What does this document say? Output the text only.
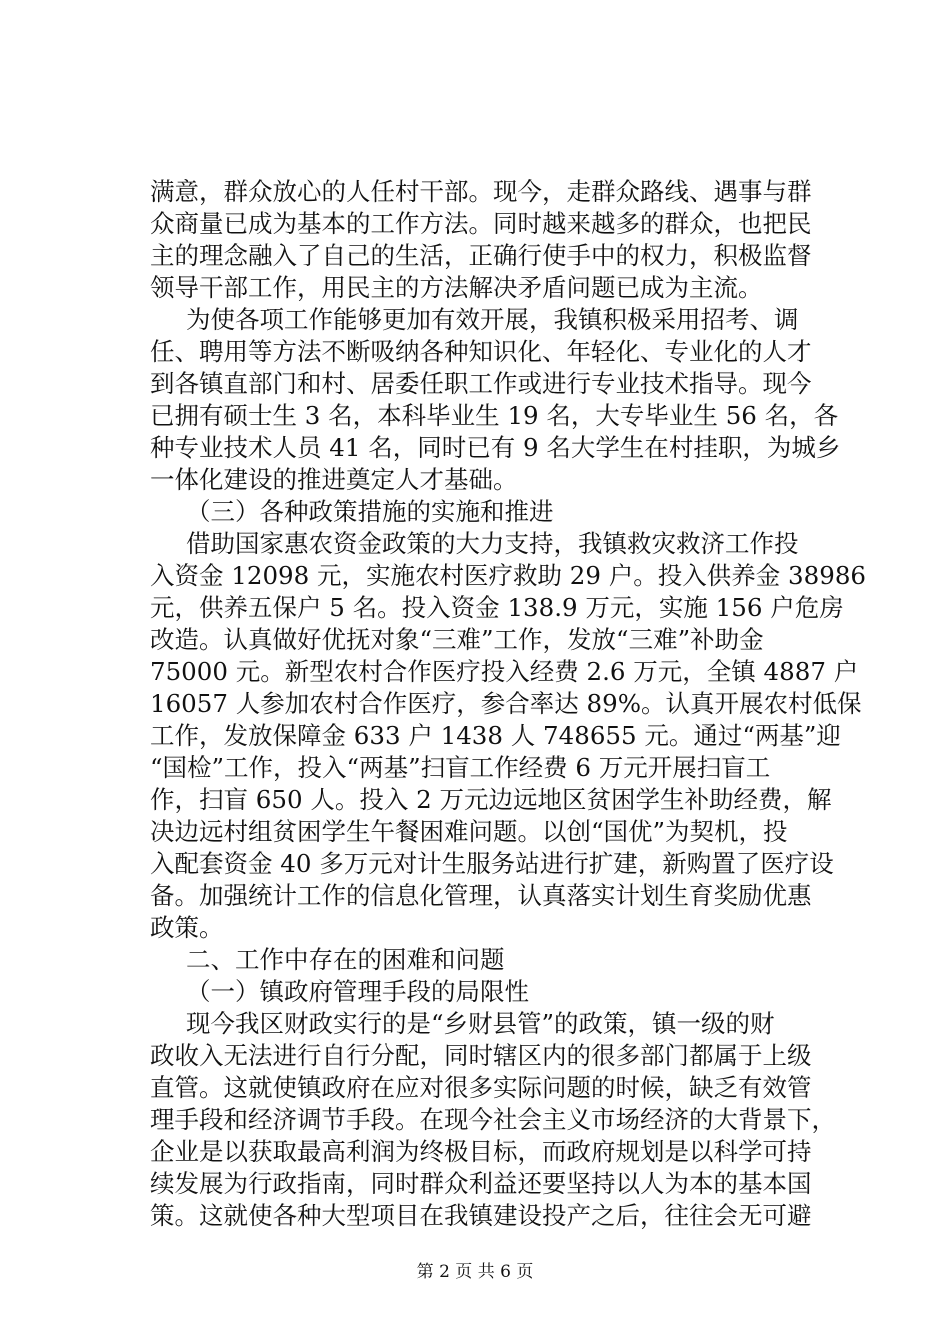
满意，群众放心的人任村干部。现今，走群众路线、遇事与群
众商量已成为基本的工作方法。同时越来越多的群众，也把民
主的理念融入了自己的生活，正确行使手中的权力，积极监督
领导干部工作，用民主的方法解决矛盾问题已成为主流。
为使各项工作能够更加有效开展，我镇积极采用招考、调
任、聘用等方法不断吸纳各种知识化、年轻化、专业化的人才
到各镇直部门和村、居委任职工作或进行专业技术指导。现今
已拥有硕士生 3 名，本科毕业生 19 名，大专毕业生 56 名，各
种专业技术人员 41 名，同时已有 9 名大学生在村挂职，为城乡
一体化建设的推进奠定人才基础。
（三）各种政策措施的实施和推进
借助国家惠农资金政策的大力支持，我镇救灾救济工作投
入资金 12098 元，实施农村医疗救助 29 户。投入供养金 38986
元，供养五保户 5 名。投入资金 138.9 万元，实施 156 户危房
改造。认真做好优抚对象“三难”工作，发放“三难”补助金
75000 元。新型农村合作医疗投入经费 2.6 万元，全镇 4887 户
16057 人参加农村合作医疗，参合率达 89%。认真开展农村低保
工作，发放保障金 633 户 1438 人 748655 元。通过“两基”迎
“国检”工作，投入“两基”扫盲工作经费 6 万元开展扫盲工
作，扫盲 650 人。投入 2 万元边远地区贫困学生补助经费，解
决边远村组贫困学生午餐困难问题。以创“国优”为契机，投
入配套资金 40 多万元对计生服务站进行扩建，新购置了医疗设
备。加强统计工作的信息化管理，认真落实计划生育奖励优惠
政策。
二、工作中存在的困难和问题
（一）镇政府管理手段的局限性
现今我区财政实行的是“乡财县管”的政策，镇一级的财
政收入无法进行自行分配，同时辖区内的很多部门都属于上级
直管。这就使镇政府在应对很多实际问题的时候，缺乏有效管
理手段和经济调节手段。在现今社会主义市场经济的大背景下，
企业是以获取最高利润为终极目标，而政府规划是以科学可持
续发展为行政指南，同时群众利益还要坚持以人为本的基本国
策。这就使各种大型项目在我镇建设投产之后，往往会无可避
第 2 页 共 6 页
